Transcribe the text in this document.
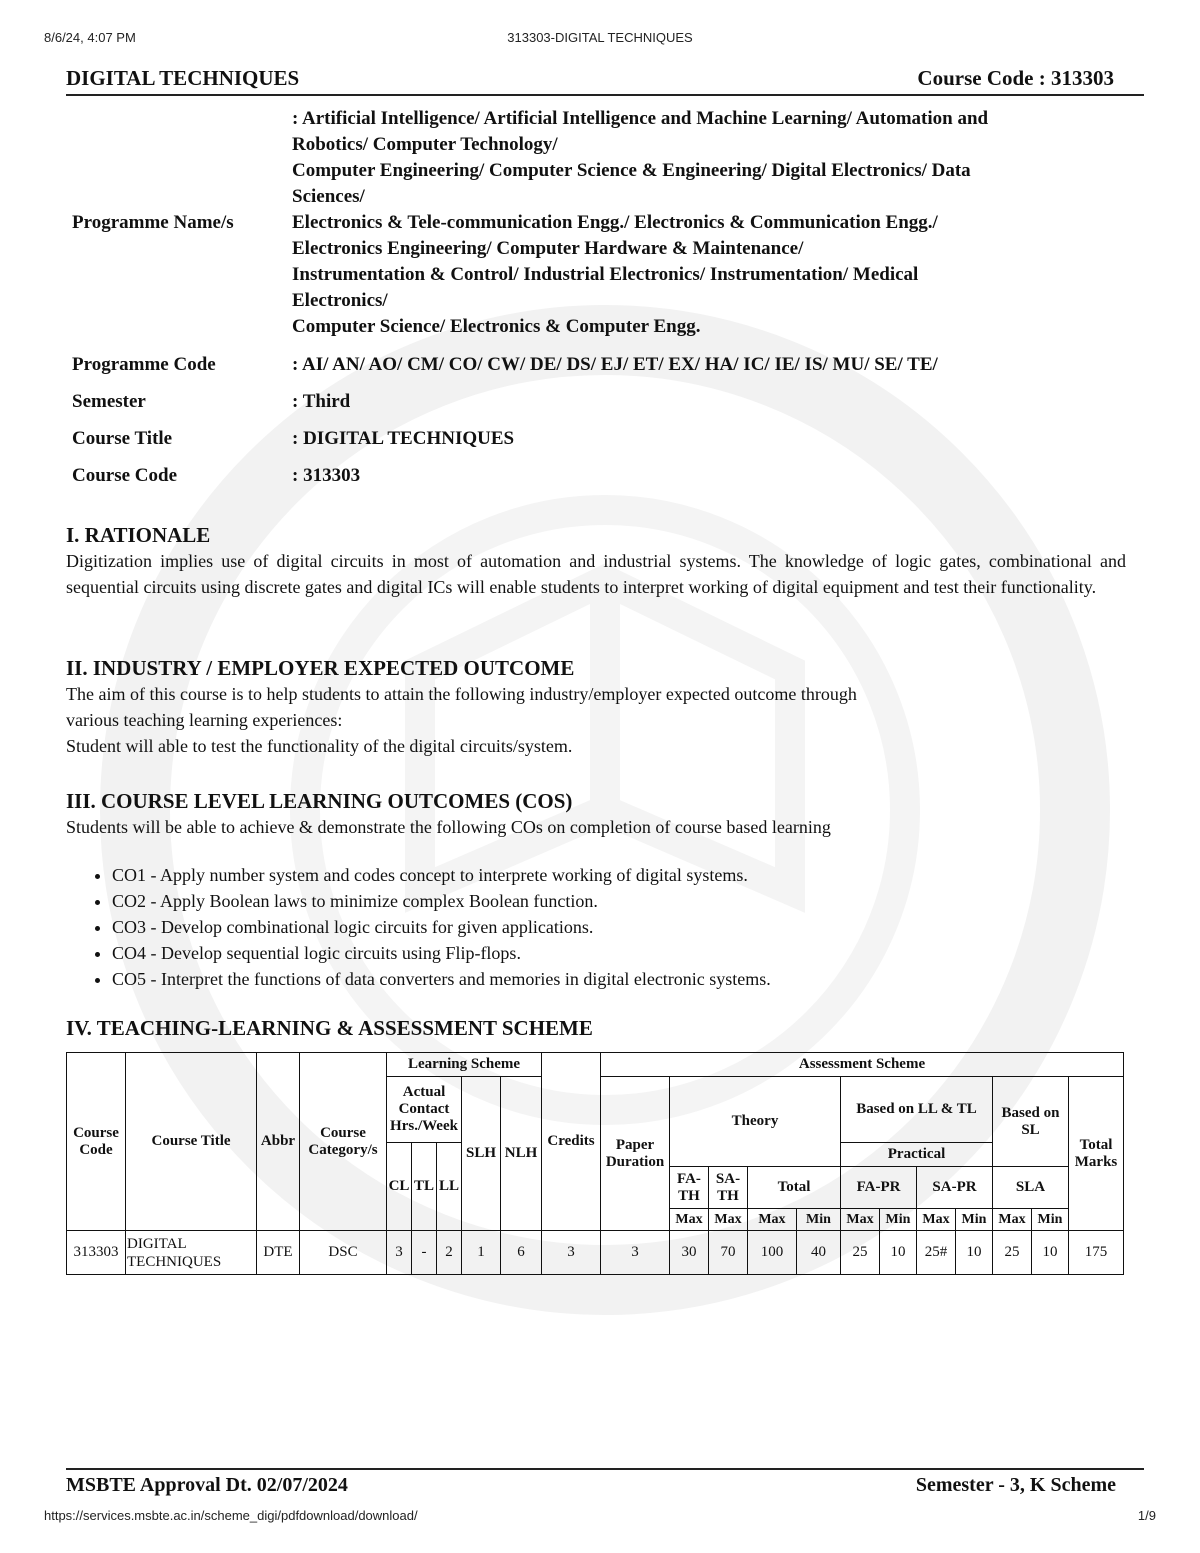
8/6/24, 4:07 PM	313303-DIGITAL TECHNIQUES
DIGITAL TECHNIQUES	Course Code : 313303
Programme Name/s
: Artificial Intelligence/ Artificial Intelligence and Machine Learning/ Automation and
Robotics/ Computer Technology/
Computer Engineering/ Computer Science & Engineering/ Digital Electronics/ Data
Sciences/
Electronics & Tele-communication Engg./ Electronics & Communication Engg./
Electronics Engineering/ Computer Hardware & Maintenance/
Instrumentation & Control/ Industrial Electronics/ Instrumentation/ Medical
Electronics/
Computer Science/ Electronics & Computer Engg.
Programme Code	: AI/ AN/ AO/ CM/ CO/ CW/ DE/ DS/ EJ/ ET/ EX/ HA/ IC/ IE/ IS/ MU/ SE/ TE/
Semester	: Third
Course Title	: DIGITAL TECHNIQUES
Course Code	: 313303
I. RATIONALE
Digitization implies use of digital circuits in most of automation and industrial systems. The knowledge of logic gates, combinational and sequential circuits using discrete gates and digital ICs will enable students to interpret working of digital equipment and test their functionality.
II. INDUSTRY / EMPLOYER EXPECTED OUTCOME
The aim of this course is to help students to attain the following industry/employer expected outcome through
various teaching learning experiences:
Student will able to test the functionality of the digital circuits/system.
III. COURSE LEVEL LEARNING OUTCOMES (COS)
Students will be able to achieve & demonstrate the following COs on completion of course based learning
• CO1 - Apply number system and codes concept to interprete working of digital systems.
• CO2 - Apply Boolean laws to minimize complex Boolean function.
• CO3 - Develop combinational logic circuits for given applications.
• CO4 - Develop sequential logic circuits using Flip-flops.
• CO5 - Interpret the functions of data converters and memories in digital electronic systems.
IV. TEACHING-LEARNING & ASSESSMENT SCHEME
Course Code	Course Title	Abbr	Course Category/s	Learning Scheme					Credits	Assessment Scheme											
				Actual Contact Hrs./Week			SLH	NLH		Paper Duration	Theory				Based on LL & TL				Based on SL		Total Marks
				CL	TL	LL									Practical						
											FA-TH	SA-TH	Total		FA-PR		SA-PR		SLA		
											Max	Max	Max	Min	Max	Min	Max	Min	Max	Min	
313303	DIGITAL TECHNIQUES	DTE	DSC	3	-	2	1	6	3	3	30	70	100	40	25	10	25#	10	25	10	175
MSBTE Approval Dt. 02/07/2024	Semester - 3, K Scheme
https://services.msbte.ac.in/scheme_digi/pdfdownload/download/	1/9
